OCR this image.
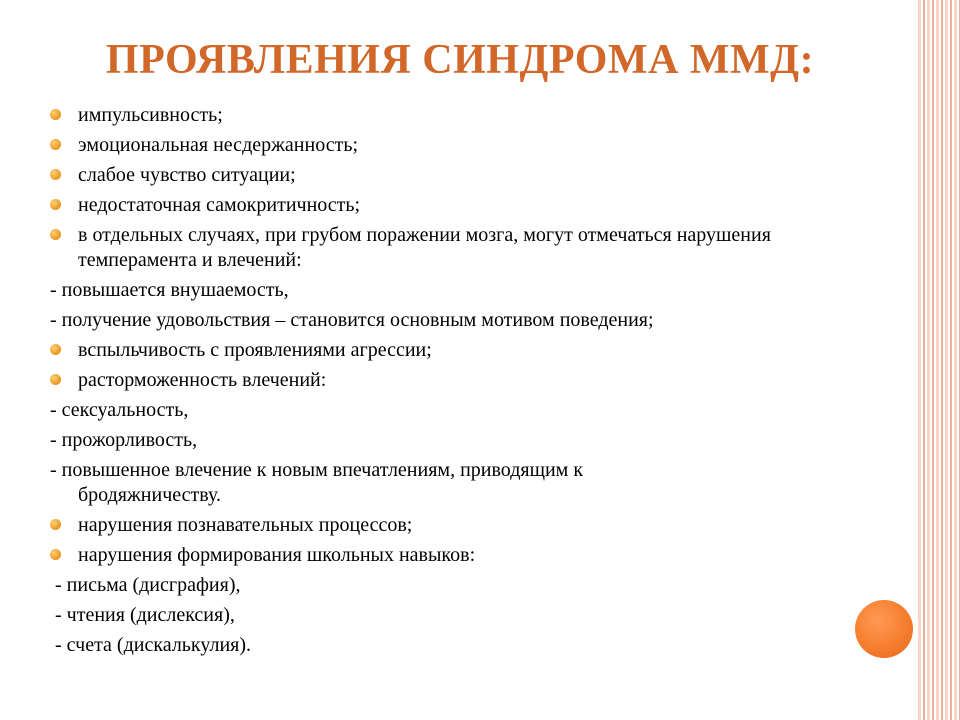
ПРОЯВЛЕНИЯ СИНДРОМА ММД:
импульсивность;
эмоциональная несдержанность;
слабое чувство ситуации;
недостаточная самокритичность;
в отдельных случаях, при грубом поражении мозга, могут отмечаться нарушения темперамента и влечений:
- повышается внушаемость,
- получение удовольствия – становится основным мотивом поведения;
вспыльчивость с проявлениями агрессии;
расторможенность влечений:
- сексуальность,
- прожорливость,
- повышенное влечение к новым впечатлениям, приводящим к
бродяжничеству.
нарушения познавательных процессов;
нарушения формирования школьных навыков:
- письма (дисграфия),
- чтения (дислексия),
- счета (дискалькулия).
